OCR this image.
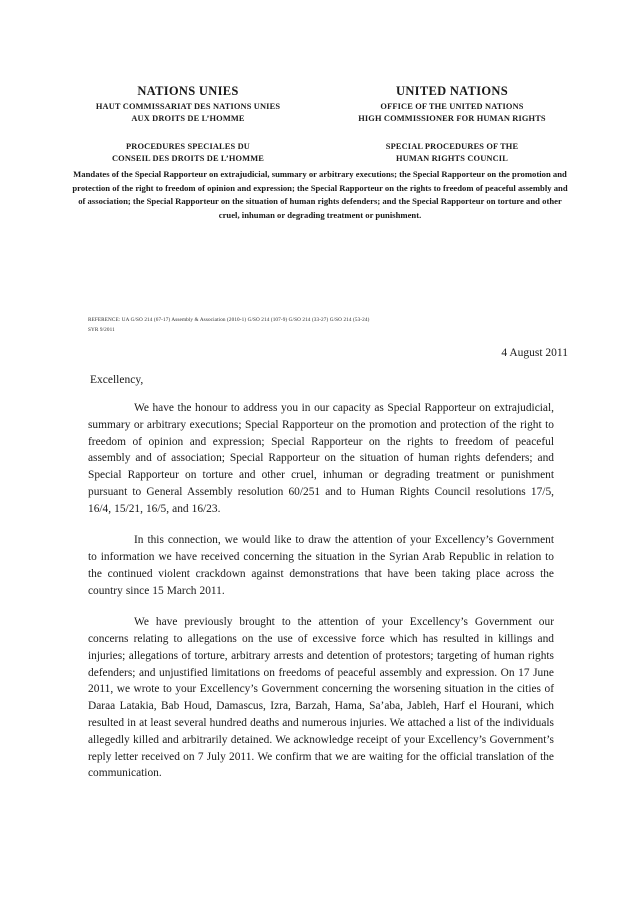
NATIONS UNIES
HAUT COMMISSARIAT DES NATIONS UNIES
AUX DROITS DE L’HOMME
PROCEDURES SPECIALES DU
CONSEIL DES DROITS DE L’HOMME
UNITED NATIONS
OFFICE OF THE UNITED NATIONS
HIGH COMMISSIONER FOR HUMAN RIGHTS
SPECIAL PROCEDURES OF THE
HUMAN RIGHTS COUNCIL
Mandates of the Special Rapporteur on extrajudicial, summary or arbitrary executions; the Special Rapporteur on the promotion and protection of the right to freedom of opinion and expression; the Special Rapporteur on the rights to freedom of peaceful assembly and of association; the Special Rapporteur on the situation of human rights defenders; and the Special Rapporteur on torture and other cruel, inhuman or degrading treatment or punishment.
REFERENCE: UA G/SO 214 (67-17) Assembly & Association (2010-1) G/SO 214 (107-9) G/SO 214 (33-27) G/SO 214 (53-24)
SYR 9/2011
4 August 2011
Excellency,

We have the honour to address you in our capacity as Special Rapporteur on extrajudicial, summary or arbitrary executions; Special Rapporteur on the promotion and protection of the right to freedom of opinion and expression; Special Rapporteur on the rights to freedom of peaceful assembly and of association; Special Rapporteur on the situation of human rights defenders; and Special Rapporteur on torture and other cruel, inhuman or degrading treatment or punishment pursuant to General Assembly resolution 60/251 and to Human Rights Council resolutions 17/5, 16/4, 15/21, 16/5, and 16/23.

In this connection, we would like to draw the attention of your Excellency’s Government to information we have received concerning the situation in the Syrian Arab Republic in relation to the continued violent crackdown against demonstrations that have been taking place across the country since 15 March 2011.

We have previously brought to the attention of your Excellency’s Government our concerns relating to allegations on the use of excessive force which has resulted in killings and injuries; allegations of torture, arbitrary arrests and detention of protestors; targeting of human rights defenders; and unjustified limitations on freedoms of peaceful assembly and expression. On 17 June 2011, we wrote to your Excellency’s Government concerning the worsening situation in the cities of Daraa Latakia, Bab Houd, Damascus, Izra, Barzah, Hama, Sa’aba, Jableh, Harf el Hourani, which resulted in at least several hundred deaths and numerous injuries. We attached a list of the individuals allegedly killed and arbitrarily detained. We acknowledge receipt of your Excellency’s Government’s reply letter received on 7 July 2011. We confirm that we are waiting for the official translation of the communication.
